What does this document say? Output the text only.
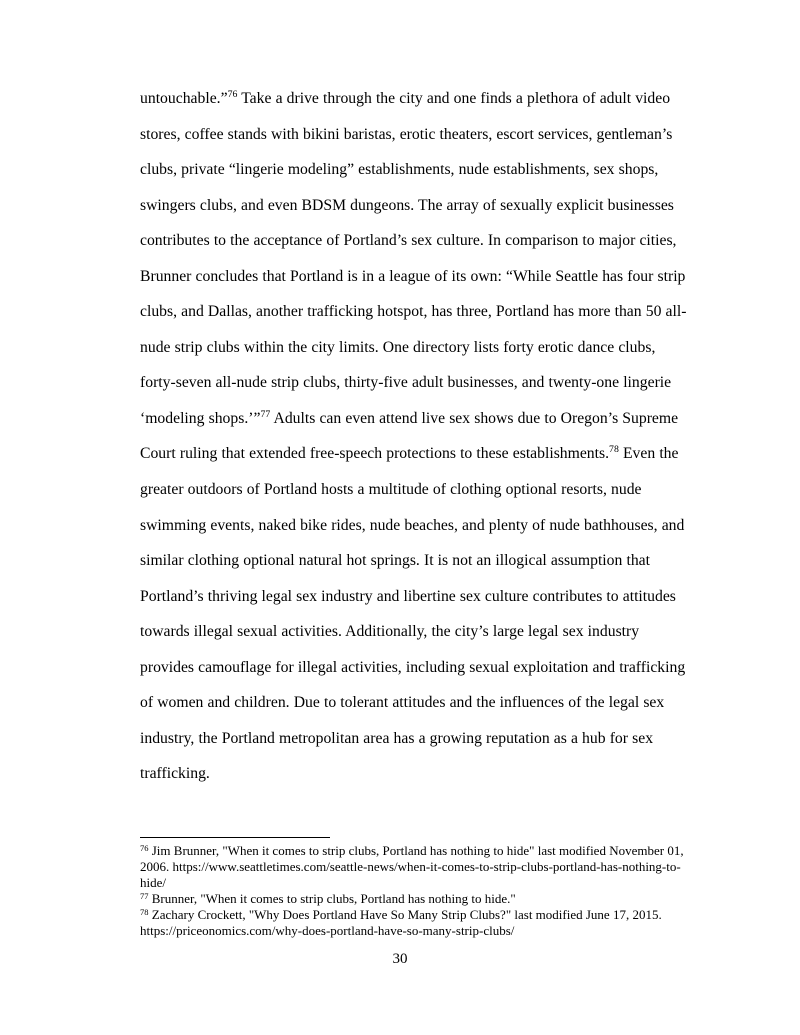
untouchable.”$^{76}$ Take a drive through the city and one finds a plethora of adult video stores, coffee stands with bikini baristas, erotic theaters, escort services, gentleman’s clubs, private “lingerie modeling” establishments, nude establishments, sex shops, swingers clubs, and even BDSM dungeons. The array of sexually explicit businesses contributes to the acceptance of Portland’s sex culture. In comparison to major cities, Brunner concludes that Portland is in a league of its own: “While Seattle has four strip clubs, and Dallas, another trafficking hotspot, has three, Portland has more than 50 all-nude strip clubs within the city limits. One directory lists forty erotic dance clubs, forty-seven all-nude strip clubs, thirty-five adult businesses, and twenty-one lingerie ‘modeling shops.’”$^{77}$ Adults can even attend live sex shows due to Oregon’s Supreme Court ruling that extended free-speech protections to these establishments.$^{78}$ Even the greater outdoors of Portland hosts a multitude of clothing optional resorts, nude swimming events, naked bike rides, nude beaches, and plenty of nude bathhouses, and similar clothing optional natural hot springs. It is not an illogical assumption that Portland’s thriving legal sex industry and libertine sex culture contributes to attitudes towards illegal sexual activities. Additionally, the city’s large legal sex industry provides camouflage for illegal activities, including sexual exploitation and trafficking of women and children. Due to tolerant attitudes and the influences of the legal sex industry, the Portland metropolitan area has a growing reputation as a hub for sex trafficking.
$^{76}$ Jim Brunner, "When it comes to strip clubs, Portland has nothing to hide" last modified November 01, 2006. https://www.seattletimes.com/seattle-news/when-it-comes-to-strip-clubs-portland-has-nothing-to-hide/
$^{77}$ Brunner, "When it comes to strip clubs, Portland has nothing to hide."
$^{78}$ Zachary Crockett, "Why Does Portland Have So Many Strip Clubs?" last modified June 17, 2015. https://priceonomics.com/why-does-portland-have-so-many-strip-clubs/
30
